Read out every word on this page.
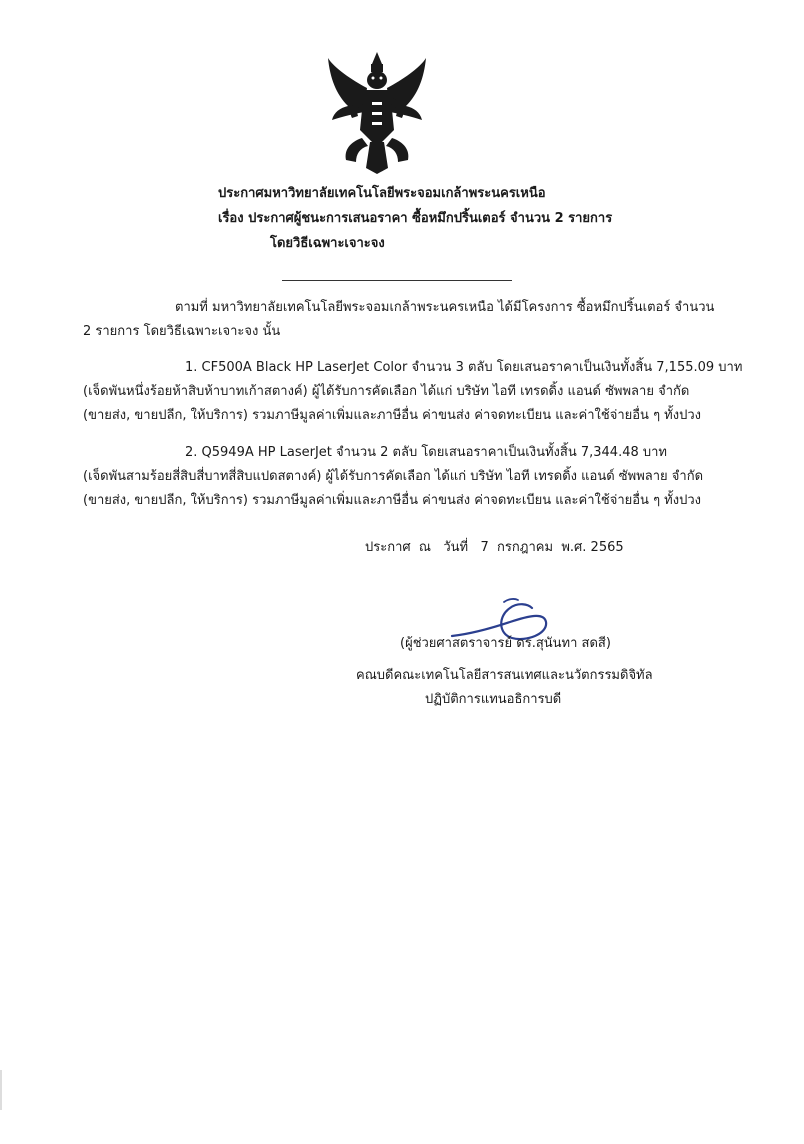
ประกาศมหาวิทยาลัยเทคโนโลยีพระจอมเกล้าพระนครเหนือ
เรื่อง ประกาศผู้ชนะการเสนอราคา ซื้อหมึกปริ้นเตอร์ จำนวน 2 รายการ
โดยวิธีเฉพาะเจาะจง
ตามที่ มหาวิทยาลัยเทคโนโลยีพระจอมเกล้าพระนครเหนือ ได้มีโครงการ ซื้อหมึกปริ้นเตอร์ จำนวน
2 รายการ โดยวิธีเฉพาะเจาะจง นั้น
1. CF500A Black HP LaserJet Color จำนวน 3 ตลับ โดยเสนอราคาเป็นเงินทั้งสิ้น 7,155.09 บาท
(เจ็ดพันหนึ่งร้อยห้าสิบห้าบาทเก้าสตางค์) ผู้ได้รับการคัดเลือก ได้แก่ บริษัท ไอที เทรดดิ้ง แอนด์ ซัพพลาย จำกัด
(ขายส่ง, ขายปลีก, ให้บริการ) รวมภาษีมูลค่าเพิ่มและภาษีอื่น ค่าขนส่ง ค่าจดทะเบียน และค่าใช้จ่ายอื่น ๆ ทั้งปวง
2. Q5949A HP LaserJet จำนวน 2 ตลับ โดยเสนอราคาเป็นเงินทั้งสิ้น 7,344.48 บาท
(เจ็ดพันสามร้อยสี่สิบสี่บาทสี่สิบแปดสตางค์) ผู้ได้รับการคัดเลือก ได้แก่ บริษัท ไอที เทรดดิ้ง แอนด์ ซัพพลาย จำกัด
(ขายส่ง, ขายปลีก, ให้บริการ) รวมภาษีมูลค่าเพิ่มและภาษีอื่น ค่าขนส่ง ค่าจดทะเบียน และค่าใช้จ่ายอื่น ๆ ทั้งปวง
ประกาศ  ณ   วันที่   7  กรกฎาคม  พ.ศ. 2565
(ผู้ช่วยศาสตราจารย์ ดร.สุนันทา สดสี)
คณบดีคณะเทคโนโลยีสารสนเทศและนวัตกรรมดิจิทัล
ปฏิบัติการแทนอธิการบดี
